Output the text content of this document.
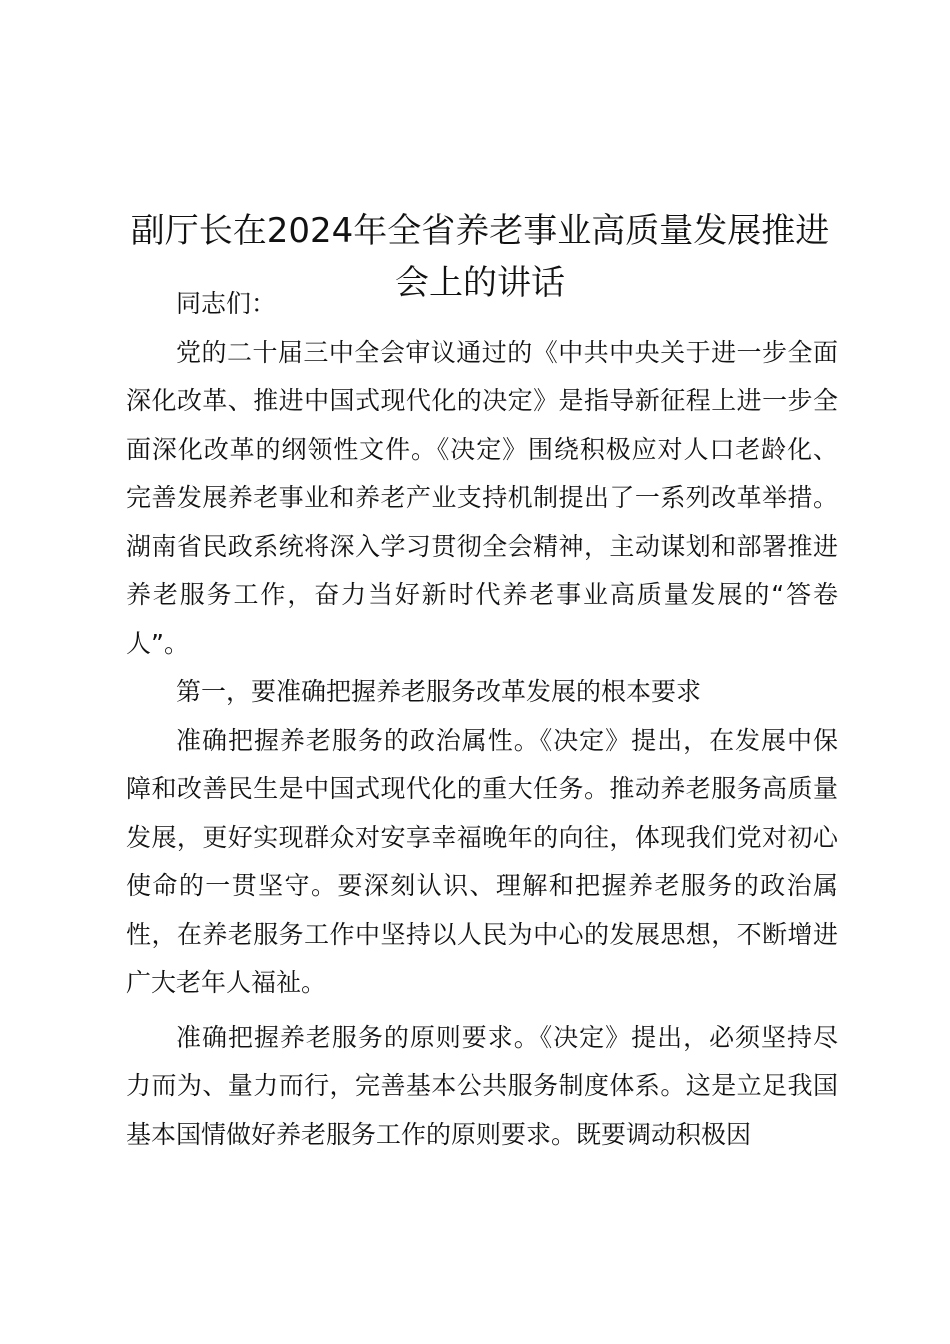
副厅长在2024年全省养老事业高质量发展推进会上的讲话

同志们：

党的二十届三中全会审议通过的《中共中央关于进一步全面深化改革、推进中国式现代化的决定》是指导新征程上进一步全面深化改革的纲领性文件。《决定》围绕积极应对人口老龄化、完善发展养老事业和养老产业支持机制提出了一系列改革举措。湖南省民政系统将深入学习贯彻全会精神，主动谋划和部署推进养老服务工作，奋力当好新时代养老事业高质量发展的“答卷人”。

第一，要准确把握养老服务改革发展的根本要求

准确把握养老服务的政治属性。《决定》提出，在发展中保障和改善民生是中国式现代化的重大任务。推动养老服务高质量发展，更好实现群众对安享幸福晚年的向往，体现我们党对初心使命的一贯坚守。要深刻认识、理解和把握养老服务的政治属性，在养老服务工作中坚持以人民为中心的发展思想，不断增进广大老年人福祉。

准确把握养老服务的原则要求。《决定》提出，必须坚持尽力而为、量力而行，完善基本公共服务制度体系。这是立足我国基本国情做好养老服务工作的原则要求。既要调动积极因
